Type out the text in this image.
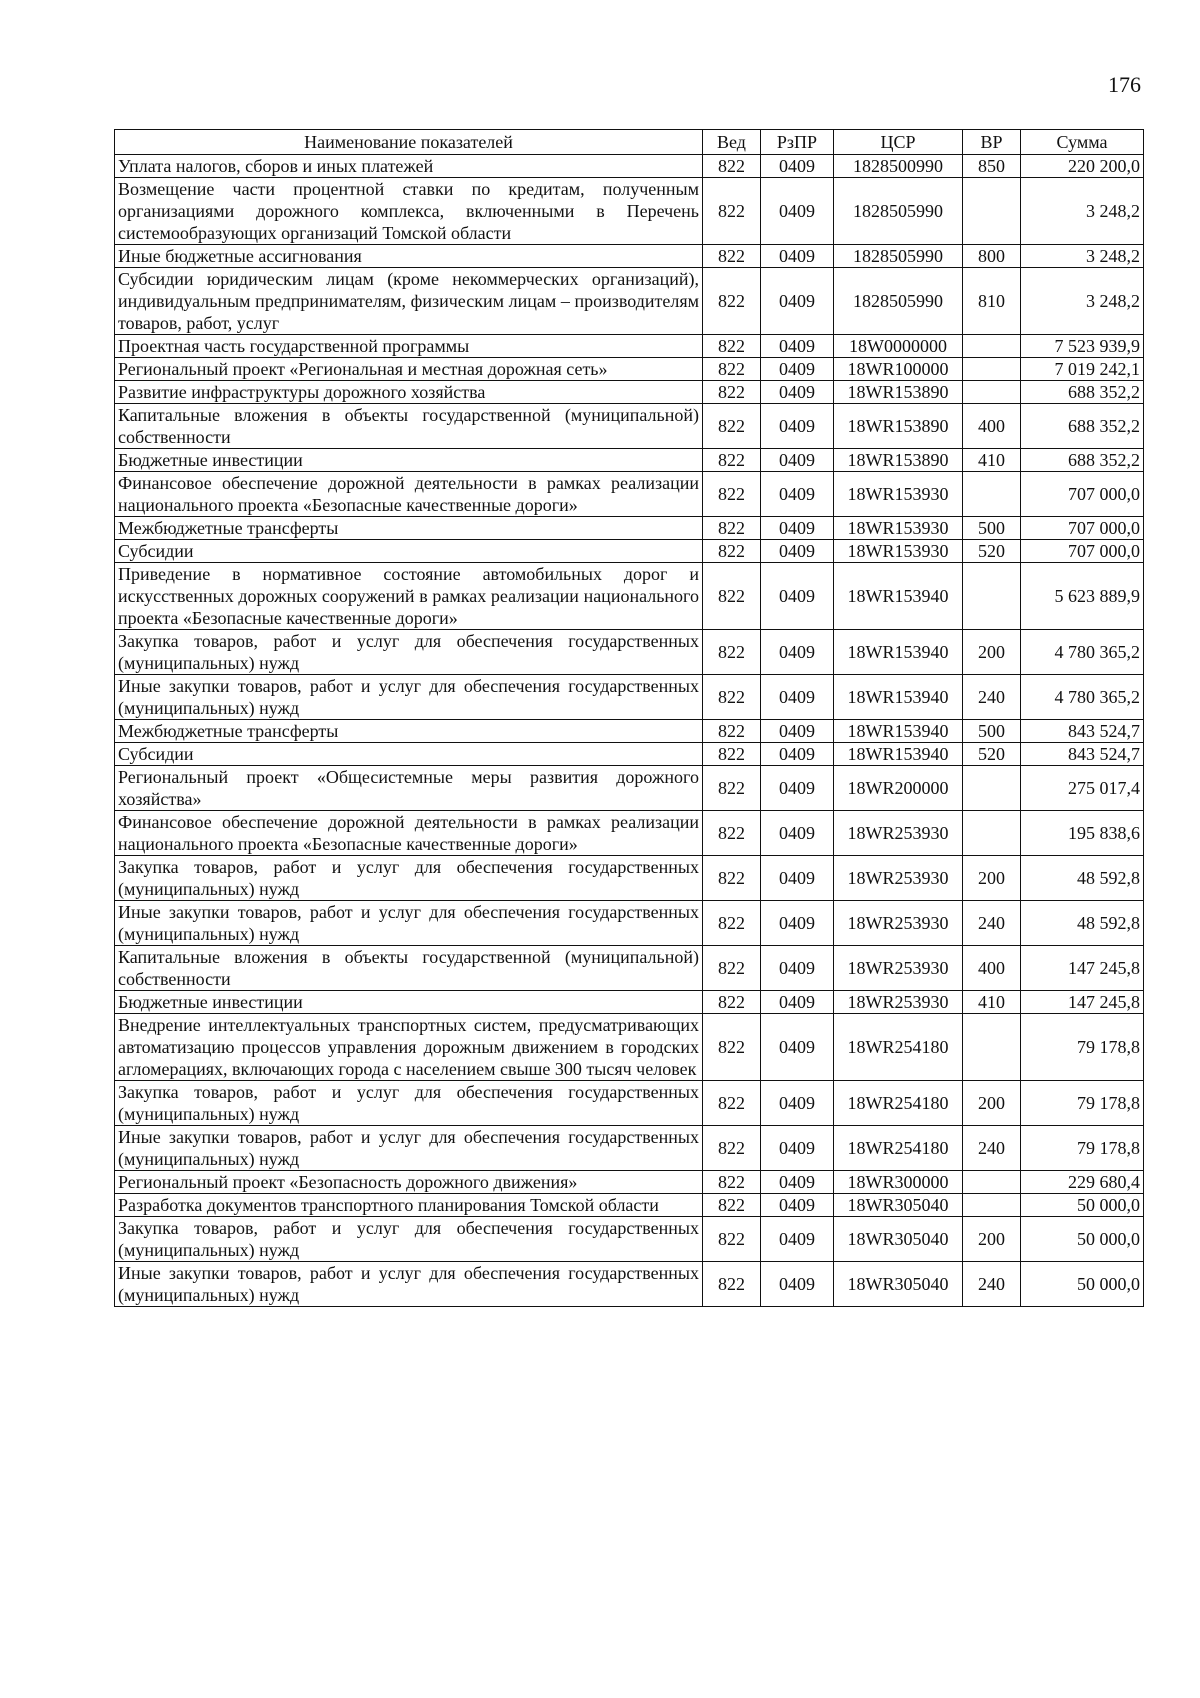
176
Наименование показателей	Вед	РзПР	ЦСР	ВР	Сумма
Уплата налогов, сборов и иных платежей	822	0409	1828500990	850	220 200,0
Возмещение части процентной ставки по кредитам, полученным организациями дорожного комплекса, включенными в Перечень системообразующих организаций Томской области	822	0409	1828505990		3 248,2
Иные бюджетные ассигнования	822	0409	1828505990	800	3 248,2
Субсидии юридическим лицам (кроме некоммерческих организаций), индивидуальным предпринимателям, физическим лицам – производителям товаров, работ, услуг	822	0409	1828505990	810	3 248,2
Проектная часть государственной программы	822	0409	18W0000000		7 523 939,9
Региональный проект «Региональная и местная дорожная сеть»	822	0409	18WR100000		7 019 242,1
Развитие инфраструктуры дорожного хозяйства	822	0409	18WR153890		688 352,2
Капитальные вложения в объекты государственной (муниципальной) собственности	822	0409	18WR153890	400	688 352,2
Бюджетные инвестиции	822	0409	18WR153890	410	688 352,2
Финансовое обеспечение дорожной деятельности в рамках реализации национального проекта «Безопасные качественные дороги»	822	0409	18WR153930		707 000,0
Межбюджетные трансферты	822	0409	18WR153930	500	707 000,0
Субсидии	822	0409	18WR153930	520	707 000,0
Приведение в нормативное состояние автомобильных дорог и искусственных дорожных сооружений в рамках реализации национального проекта «Безопасные качественные дороги»	822	0409	18WR153940		5 623 889,9
Закупка товаров, работ и услуг для обеспечения государственных (муниципальных) нужд	822	0409	18WR153940	200	4 780 365,2
Иные закупки товаров, работ и услуг для обеспечения государственных (муниципальных) нужд	822	0409	18WR153940	240	4 780 365,2
Межбюджетные трансферты	822	0409	18WR153940	500	843 524,7
Субсидии	822	0409	18WR153940	520	843 524,7
Региональный проект «Общесистемные меры развития дорожного хозяйства»	822	0409	18WR200000		275 017,4
Финансовое обеспечение дорожной деятельности в рамках реализации национального проекта «Безопасные качественные дороги»	822	0409	18WR253930		195 838,6
Закупка товаров, работ и услуг для обеспечения государственных (муниципальных) нужд	822	0409	18WR253930	200	48 592,8
Иные закупки товаров, работ и услуг для обеспечения государственных (муниципальных) нужд	822	0409	18WR253930	240	48 592,8
Капитальные вложения в объекты государственной (муниципальной) собственности	822	0409	18WR253930	400	147 245,8
Бюджетные инвестиции	822	0409	18WR253930	410	147 245,8
Внедрение интеллектуальных транспортных систем, предусматривающих автоматизацию процессов управления дорожным движением в городских агломерациях, включающих города с населением свыше 300 тысяч человек	822	0409	18WR254180		79 178,8
Закупка товаров, работ и услуг для обеспечения государственных (муниципальных) нужд	822	0409	18WR254180	200	79 178,8
Иные закупки товаров, работ и услуг для обеспечения государственных (муниципальных) нужд	822	0409	18WR254180	240	79 178,8
Региональный проект «Безопасность дорожного движения»	822	0409	18WR300000		229 680,4
Разработка документов транспортного планирования Томской области	822	0409	18WR305040		50 000,0
Закупка товаров, работ и услуг для обеспечения государственных (муниципальных) нужд	822	0409	18WR305040	200	50 000,0
Иные закупки товаров, работ и услуг для обеспечения государственных (муниципальных) нужд	822	0409	18WR305040	240	50 000,0
